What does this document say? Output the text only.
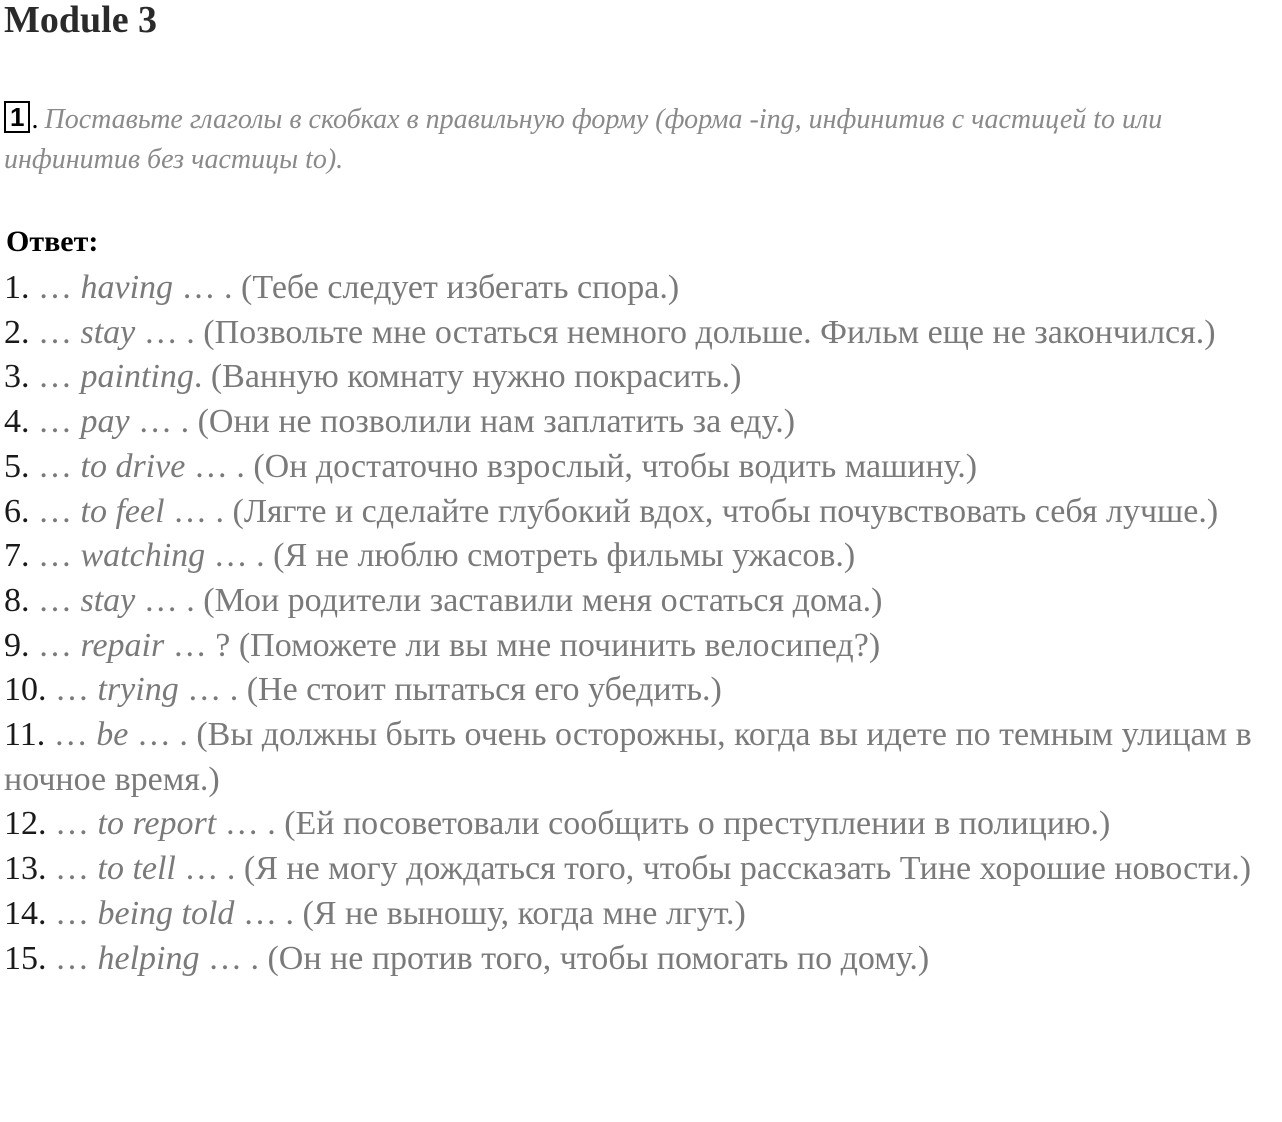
Module 3
1 . Поставьте глаголы в скобках в правильную форму (форма -ing, инфинитив с частицей to или инфинитив без частицы to).
Ответ:
1. … having … . (Тебе следует избегать спора.)
2. … stay … . (Позвольте мне остаться немного дольше. Фильм еще не закончился.)
3. … painting. (Ванную комнату нужно покрасить.)
4. … pay … . (Они не позволили нам заплатить за еду.)
5. … to drive … . (Он достаточно взрослый, чтобы водить машину.)
6. … to feel … . (Лягте и сделайте глубокий вдох, чтобы почувствовать себя лучше.)
7. … watching … . (Я не люблю смотреть фильмы ужасов.)
8. … stay … . (Мои родители заставили меня остаться дома.)
9. … repair … ? (Поможете ли вы мне починить велосипед?)
10. … trying … . (Не стоит пытаться его убедить.)
11. … be … . (Вы должны быть очень осторожны, когда вы идете по темным улицам в ночное время.)
12. … to report … . (Ей посоветовали сообщить о преступлении в полицию.)
13. … to tell … . (Я не могу дождаться того, чтобы рассказать Тине хорошие новости.)
14. … being told … . (Я не выношу, когда мне лгут.)
15. … helping … . (Он не против того, чтобы помогать по дому.)
